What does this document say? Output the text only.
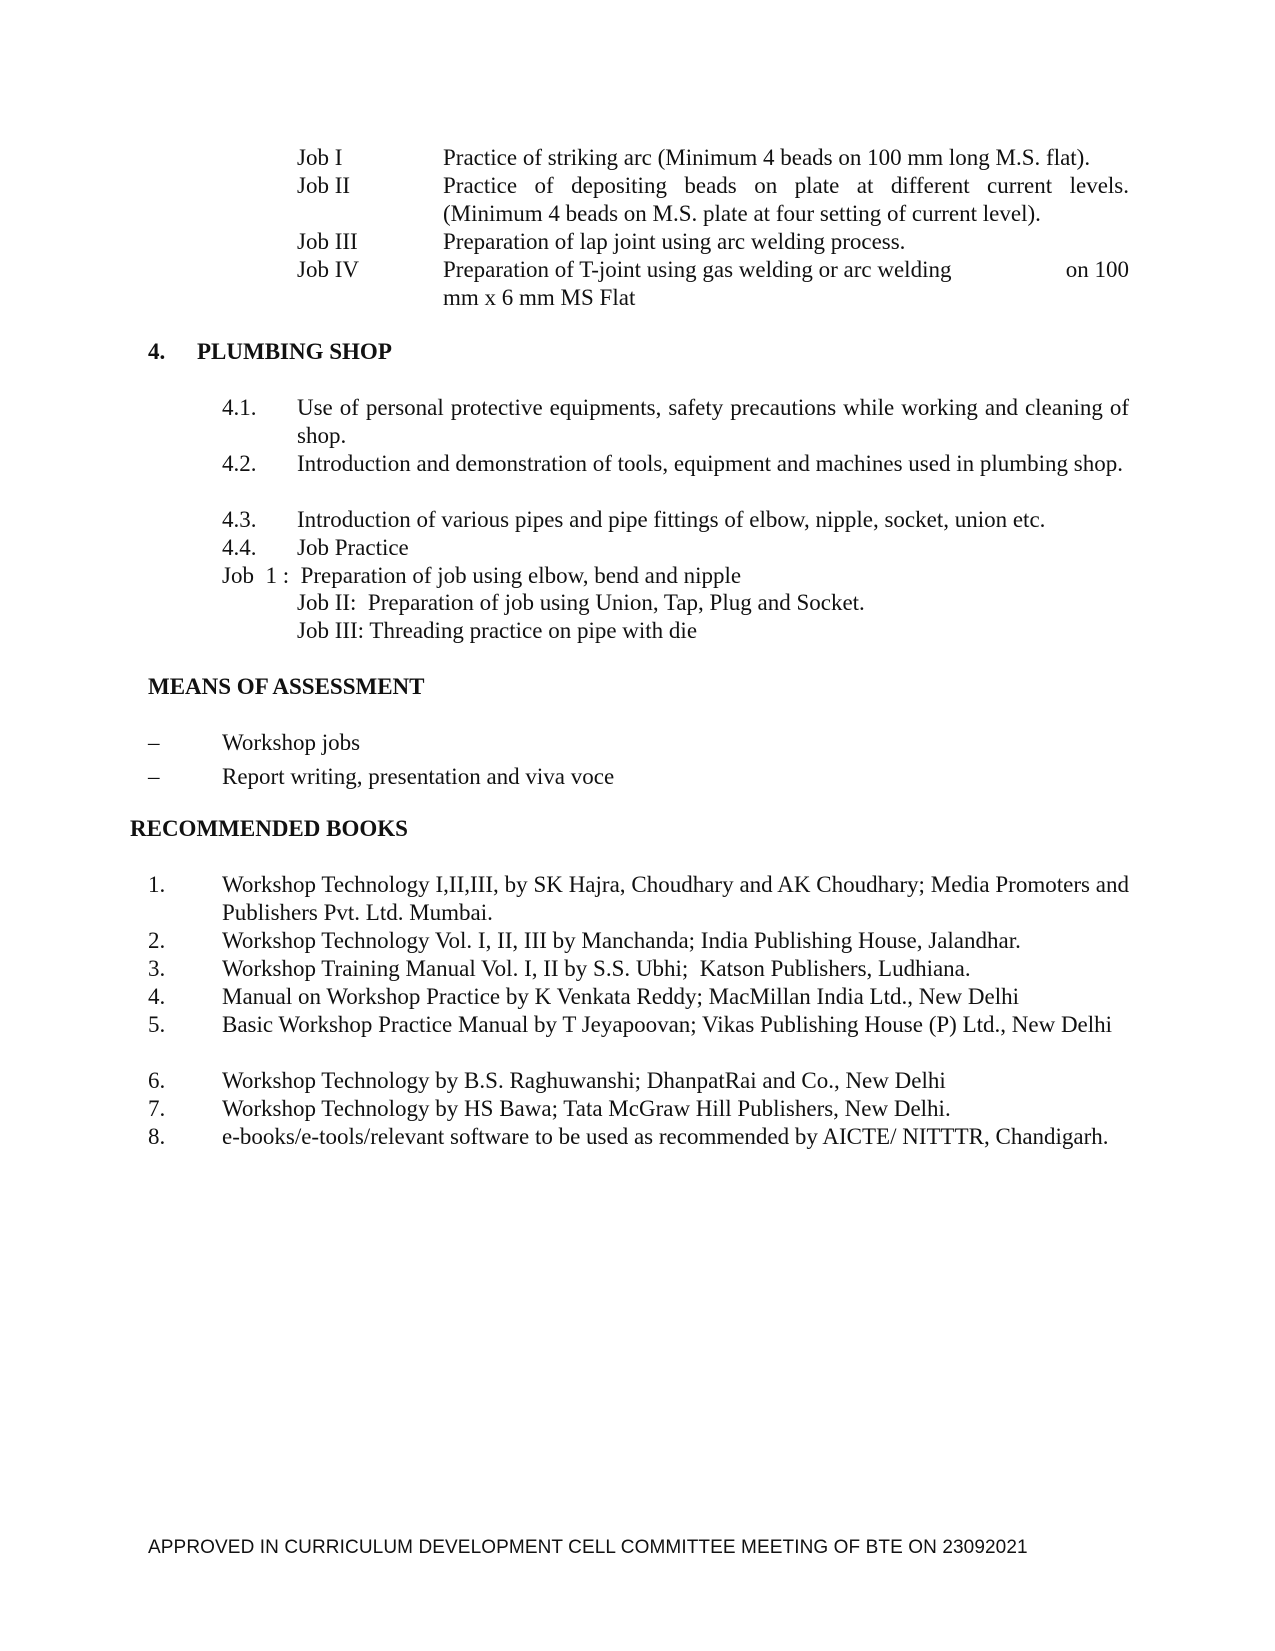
Job I	Practice of striking arc (Minimum 4 beads on 100 mm long M.S. flat).
Job II	Practice of depositing beads on plate at different current levels. (Minimum 4 beads on M.S. plate at four setting of current level).
Job III	Preparation of lap joint using arc welding process.
Job IV	Preparation of T-joint using gas welding or arc welding	on 100
mm x 6 mm MS Flat
4. PLUMBING SHOP
4.1. Use of personal protective equipments, safety precautions while working and cleaning of shop.
4.2. Introduction and demonstration of tools, equipment and machines used in plumbing shop.
4.3. Introduction of various pipes and pipe fittings of elbow, nipple, socket, union etc.
4.4. Job Practice
Job  1 :  Preparation of job using elbow, bend and nipple
Job II:  Preparation of job using Union, Tap, Plug and Socket.
Job III: Threading practice on pipe with die
MEANS OF ASSESSMENT
–	Workshop jobs
–	Report writing, presentation and viva voce
RECOMMENDED BOOKS
1. Workshop Technology I,II,III, by SK Hajra, Choudhary and AK Choudhary; Media Promoters and Publishers Pvt. Ltd. Mumbai.
2. Workshop Technology Vol. I, II, III by Manchanda; India Publishing House, Jalandhar.
3. Workshop Training Manual Vol. I, II by S.S. Ubhi;  Katson Publishers, Ludhiana.
4. Manual on Workshop Practice by K Venkata Reddy; MacMillan India Ltd., New Delhi
5. Basic Workshop Practice Manual by T Jeyapoovan; Vikas Publishing House (P) Ltd., New Delhi
6. Workshop Technology by B.S. Raghuwanshi; DhanpatRai and Co., New Delhi
7. Workshop Technology by HS Bawa; Tata McGraw Hill Publishers, New Delhi.
8. e-books/e-tools/relevant software to be used as recommended by AICTE/ NITTTR, Chandigarh.
APPROVED IN CURRICULUM DEVELOPMENT CELL COMMITTEE MEETING OF BTE ON 23092021
